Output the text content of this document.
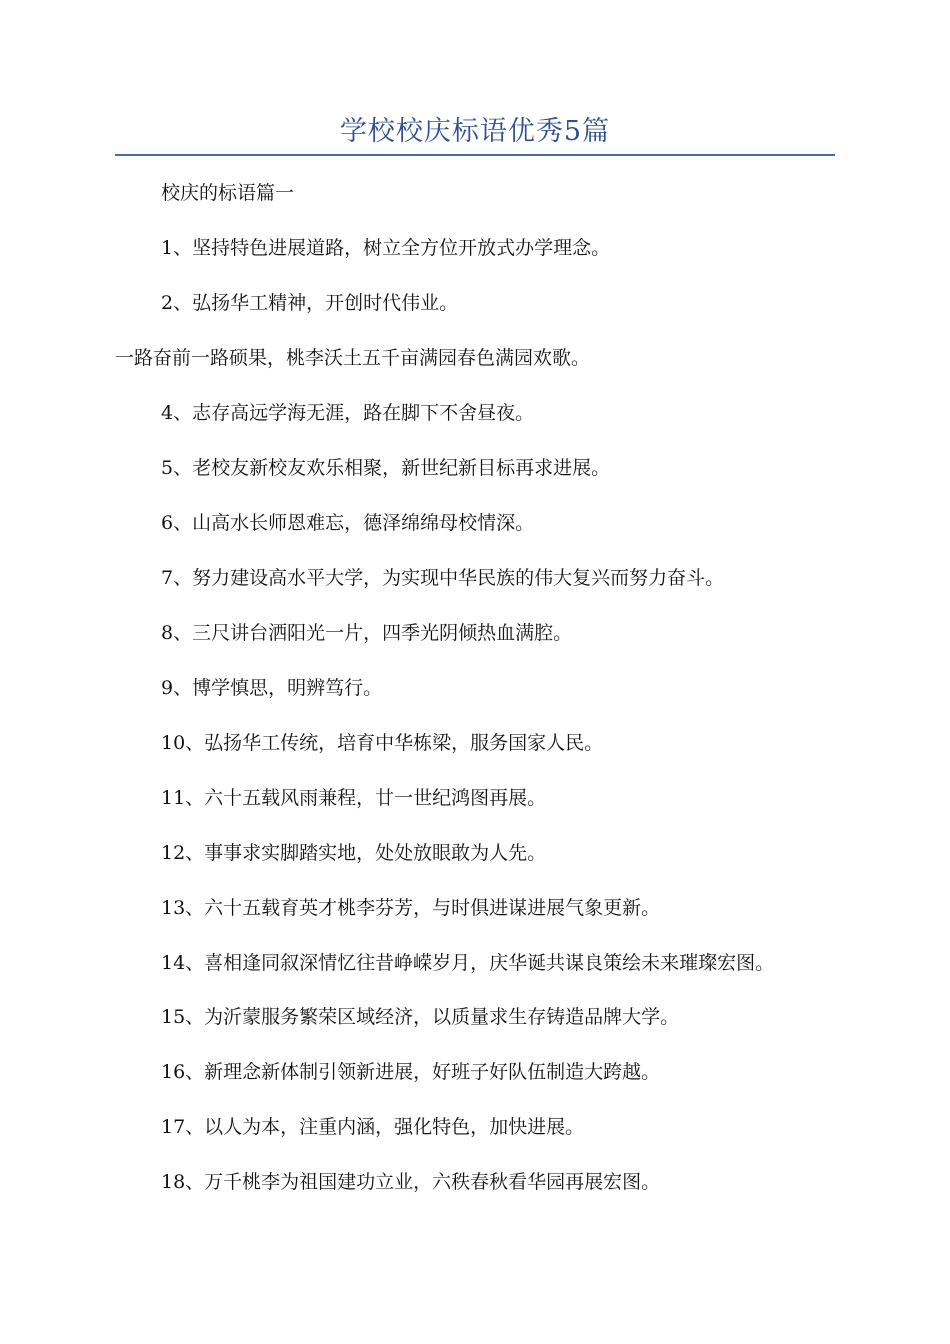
学校校庆标语优秀5篇

校庆的标语篇一

1、坚持特色进展道路，树立全方位开放式办学理念。

2、弘扬华工精神，开创时代伟业。

一路奋前一路硕果，桃李沃土五千亩满园春色满园欢歌。

4、志存高远学海无涯，路在脚下不舍昼夜。

5、老校友新校友欢乐相聚，新世纪新目标再求进展。

6、山高水长师恩难忘，德泽绵绵母校情深。

7、努力建设高水平大学，为实现中华民族的伟大复兴而努力奋斗。

8、三尺讲台洒阳光一片，四季光阴倾热血满腔。

9、博学慎思，明辨笃行。

10、弘扬华工传统，培育中华栋梁，服务国家人民。

11、六十五载风雨兼程，廿一世纪鸿图再展。

12、事事求实脚踏实地，处处放眼敢为人先。

13、六十五载育英才桃李芬芳，与时俱进谋进展气象更新。

14、喜相逢同叙深情忆往昔峥嵘岁月，庆华诞共谋良策绘未来璀璨宏图。

15、为沂蒙服务繁荣区域经济，以质量求生存铸造品牌大学。

16、新理念新体制引领新进展，好班子好队伍制造大跨越。

17、以人为本，注重内涵，强化特色，加快进展。

18、万千桃李为祖国建功立业，六秩春秋看华园再展宏图。
